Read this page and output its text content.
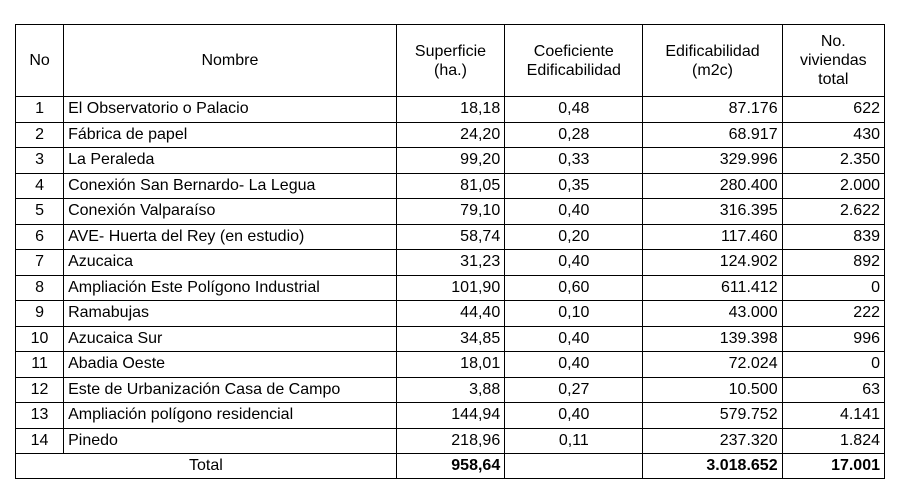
No	Nombre	Superficie (ha.)	Coeficiente Edificabilidad	Edificabilidad (m2c)	No. viviendas total
1	El Observatorio o Palacio	18,18	0,48	87.176	622
2	Fábrica de papel	24,20	0,28	68.917	430
3	La Peraleda	99,20	0,33	329.996	2.350
4	Conexión San Bernardo- La Legua	81,05	0,35	280.400	2.000
5	Conexión Valparaíso	79,10	0,40	316.395	2.622
6	AVE- Huerta del Rey (en estudio)	58,74	0,20	117.460	839
7	Azucaica	31,23	0,40	124.902	892
8	Ampliación Este Polígono Industrial	101,90	0,60	611.412	0
9	Ramabujas	44,40	0,10	43.000	222
10	Azucaica Sur	34,85	0,40	139.398	996
11	Abadia Oeste	18,01	0,40	72.024	0
12	Este de Urbanización Casa de Campo	3,88	0,27	10.500	63
13	Ampliación polígono residencial	144,94	0,40	579.752	4.141
14	Pinedo	218,96	0,11	237.320	1.824
Total		958,64		3.018.652	17.001
